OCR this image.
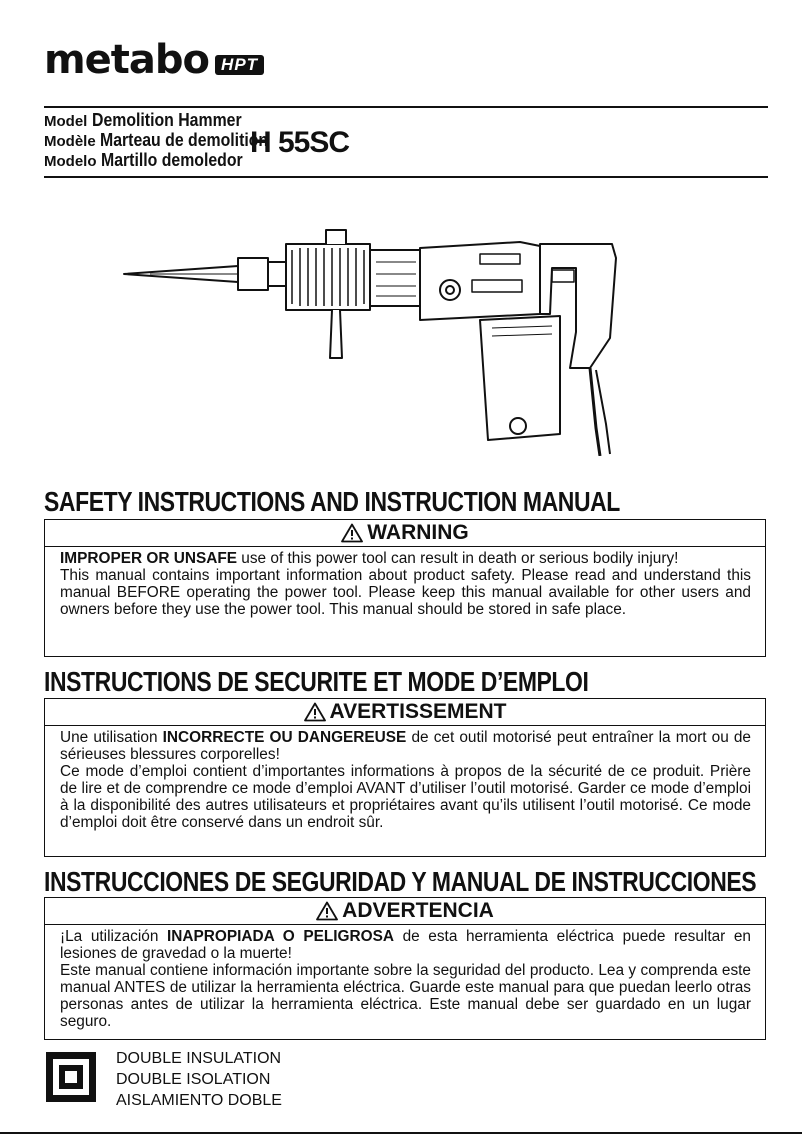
metabo HPT
Model Demolition Hammer
Modèle Marteau de demolition
Modelo Martillo demoledor
H 55SC
SAFETY INSTRUCTIONS AND INSTRUCTION MANUAL
WARNING

IMPROPER OR UNSAFE use of this power tool can result in death or serious bodily injury!

This manual contains important information about product safety. Please read and understand this manual BEFORE operating the power tool. Please keep this manual available for other users and owners before they use the power tool. This manual should be stored in safe place.

INSTRUCTIONS DE SECURITE ET MODE D’EMPLOI
AVERTISSEMENT

Une utilisation INCORRECTE OU DANGEREUSE de cet outil motorisé peut entraîner la mort ou de sérieuses blessures corporelles!

Ce mode d’emploi contient d’importantes informations à propos de la sécurité de ce produit. Prière de lire et de comprendre ce mode d’emploi AVANT d’utiliser l’outil motorisé. Garder ce mode d’emploi à la disponibilité des autres utilisateurs et propriétaires avant qu’ils utilisent l’outil motorisé. Ce mode d’emploi doit être conservé dans un endroit sûr.

INSTRUCCIONES DE SEGURIDAD Y MANUAL DE INSTRUCCIONES
ADVERTENCIA

¡La utilización INAPROPIADA O PELIGROSA de esta herramienta eléctrica puede resultar en lesiones de gravedad o la muerte!

Este manual contiene información importante sobre la seguridad del producto. Lea y comprenda este manual ANTES de utilizar la herramienta eléctrica. Guarde este manual para que puedan leerlo otras personas antes de utilizar la herramienta eléctrica. Este manual debe ser guardado en un lugar seguro.

DOUBLE INSULATION
DOUBLE ISOLATION
AISLAMIENTO DOBLE
